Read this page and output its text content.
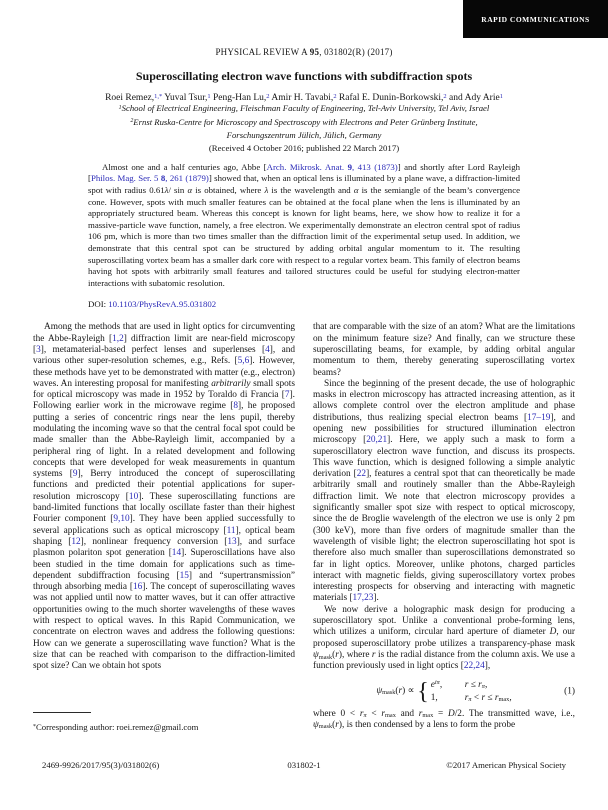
RAPID COMMUNICATIONS
PHYSICAL REVIEW A 95, 031802(R) (2017)
Superoscillating electron wave functions with subdiffraction spots
Roei Remez,$^{1,*}$ Yuval Tsur,$^1$ Peng-Han Lu,$^2$ Amir H. Tavabi,$^2$ Rafal E. Dunin-Borkowski,$^2$ and Ady Arie$^1$
$^1$School of Electrical Engineering, Fleischman Faculty of Engineering, Tel-Aviv University, Tel Aviv, Israel
$^2$Ernst Ruska-Centre for Microscopy and Spectroscopy with Electrons and Peter Grünberg Institute,
Forschungszentrum Jülich, Jülich, Germany
(Received 4 October 2016; published 22 March 2017)
Almost one and a half centuries ago, Abbe [Arch. Mikrosk. Anat. 9, 413 (1873)] and shortly after Lord Rayleigh [Philos. Mag. Ser. 5 8, 261 (1879)] showed that, when an optical lens is illuminated by a plane wave, a diffraction-limited spot with radius 0.61λ/ sin α is obtained, where λ is the wavelength and α is the semiangle of the beam’s convergence cone. However, spots with much smaller features can be obtained at the focal plane when the lens is illuminated by an appropriately structured beam. Whereas this concept is known for light beams, here, we show how to realize it for a massive-particle wave function, namely, a free electron. We experimentally demonstrate an electron central spot of radius 106 pm, which is more than two times smaller than the diffraction limit of the experimental setup used. In addition, we demonstrate that this central spot can be structured by adding orbital angular momentum to it. The resulting superoscillating vortex beam has a smaller dark core with respect to a regular vortex beam. This family of electron beams having hot spots with arbitrarily small features and tailored structures could be useful for studying electron-matter interactions with subatomic resolution.
DOI: 10.1103/PhysRevA.95.031802

Among the methods that are used in light optics for circumventing the Abbe-Rayleigh [1,2] diffraction limit are near-field microscopy [3], metamaterial-based perfect lenses and superlenses [4], and various other super-resolution schemes, e.g., Refs. [5,6]. However, these methods have yet to be demonstrated with matter (e.g., electron) waves. An interesting proposal for manifesting arbitrarily small spots for optical microscopy was made in 1952 by Toraldo di Francia [7]. Following earlier work in the microwave regime [8], he proposed putting a series of concentric rings near the lens pupil, thereby modulating the incoming wave so that the central focal spot could be made smaller than the Abbe-Rayleigh limit, accompanied by a peripheral ring of light. In a related development and following concepts that were developed for weak measurements in quantum systems [9], Berry introduced the concept of superoscillating functions and predicted their potential applications for super-resolution microscopy [10]. These superoscillating functions are band-limited functions that locally oscillate faster than their highest Fourier component [9,10]. They have been applied successfully to several applications such as optical microscopy [11], optical beam shaping [12], nonlinear frequency conversion [13], and surface plasmon polariton spot generation [14]. Superoscillations have also been studied in the time domain for applications such as time-dependent subdiffraction focusing [15] and “supertransmission” through absorbing media [16]. The concept of superoscillating waves was not applied until now to matter waves, but it can offer attractive opportunities owing to the much shorter wavelengths of these waves with respect to optical waves. In this Rapid Communication, we concentrate on electron waves and address the following questions: How can we generate a superoscillating wave function? What is the size that can be reached with comparison to the diffraction-limited spot size? Can we obtain hot spots

that are comparable with the size of an atom? What are the limitations on the minimum feature size? And finally, can we structure these superoscillating beams, for example, by adding orbital angular momentum to them, thereby generating superoscillating vortex beams?

Since the beginning of the present decade, the use of holographic masks in electron microscopy has attracted increasing attention, as it allows complete control over the electron amplitude and phase distributions, thus realizing special electron beams [17–19], and opening new possibilities for structured illumination electron microscopy [20,21]. Here, we apply such a mask to form a superoscillatory electron wave function, and discuss its prospects. This wave function, which is designed following a simple analytic derivation [22], features a central spot that can theoretically be made arbitrarily small and routinely smaller than the Abbe-Rayleigh diffraction limit. We note that electron microscopy provides a significantly smaller spot size with respect to optical microscopy, since the de Broglie wavelength of the electron we use is only 2 pm (300 keV), more than five orders of magnitude smaller than the wavelength of visible light; the electron superoscillating hot spot is therefore also much smaller than superoscillations demonstrated so far in light optics. Moreover, unlike photons, charged particles interact with magnetic fields, giving superoscillatory vortex probes interesting prospects for observing and interacting with magnetic materials [17,23].

We now derive a holographic mask design for producing a superoscillatory spot. Unlike a conventional probe-forming lens, which utilizes a uniform, circular hard aperture of diameter D, our proposed superoscillatory probe utilizes a transparency-phase mask ψmask(r), where r is the radial distance from the column axis. We use a function previously used in light optics [22,24],

ψmask(r) ∝ { $e^{i\pi}$,	r ≤ rπ,
1,	rπ < r ≤ rmax,
(1)

where 0 < rπ < rmax and rmax = D/2. The transmitted wave, i.e., ψmask(r), is then condensed by a lens to form the probe

*Corresponding author: roei.remez@gmail.com
2469-9926/2017/95(3)/031802(6)	031802-1	©2017 American Physical Society
